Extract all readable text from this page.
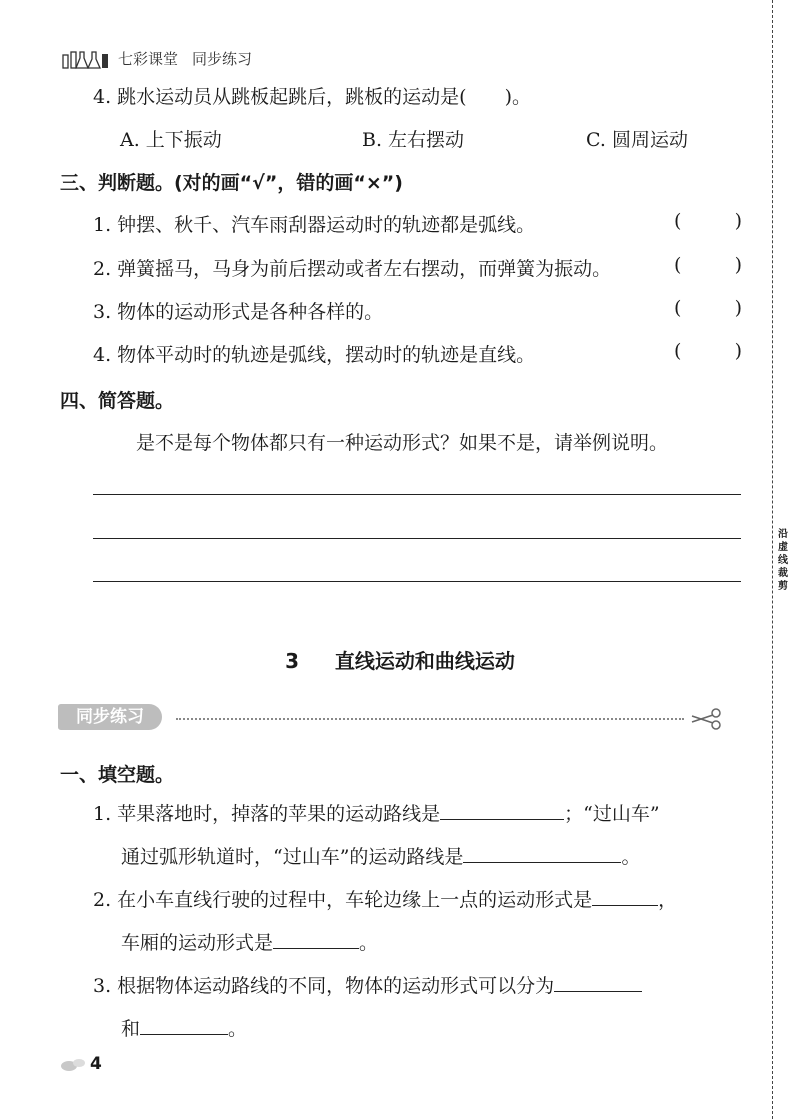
七彩课堂 同步练习
4. 跳水运动员从跳板起跳后，跳板的运动是(　　)。
A. 上下振动	B. 左右摆动	C. 圆周运动
三、判断题。(对的画“√”，错的画“×”)
1. 钟摆、秋千、汽车雨刮器运动时的轨迹都是弧线。	(	)
2. 弹簧摇马，马身为前后摆动或者左右摆动，而弹簧为振动。	(	)
3. 物体的运动形式是各种各样的。	(	)
4. 物体平动时的轨迹是弧线，摆动时的轨迹是直线。	(	)
四、简答题。
是不是每个物体都只有一种运动形式？如果不是，请举例说明。
沿虚线裁剪
3 直线运动和曲线运动
同步练习
一、填空题。
1. 苹果落地时，掉落的苹果的运动路线是	；“过山车”
通过弧形轨道时，“过山车”的运动路线是	。
2. 在小车直线行驶的过程中，车轮边缘上一点的运动形式是	，
车厢的运动形式是	。
3. 根据物体运动路线的不同，物体的运动形式可以分为
和	。
4
